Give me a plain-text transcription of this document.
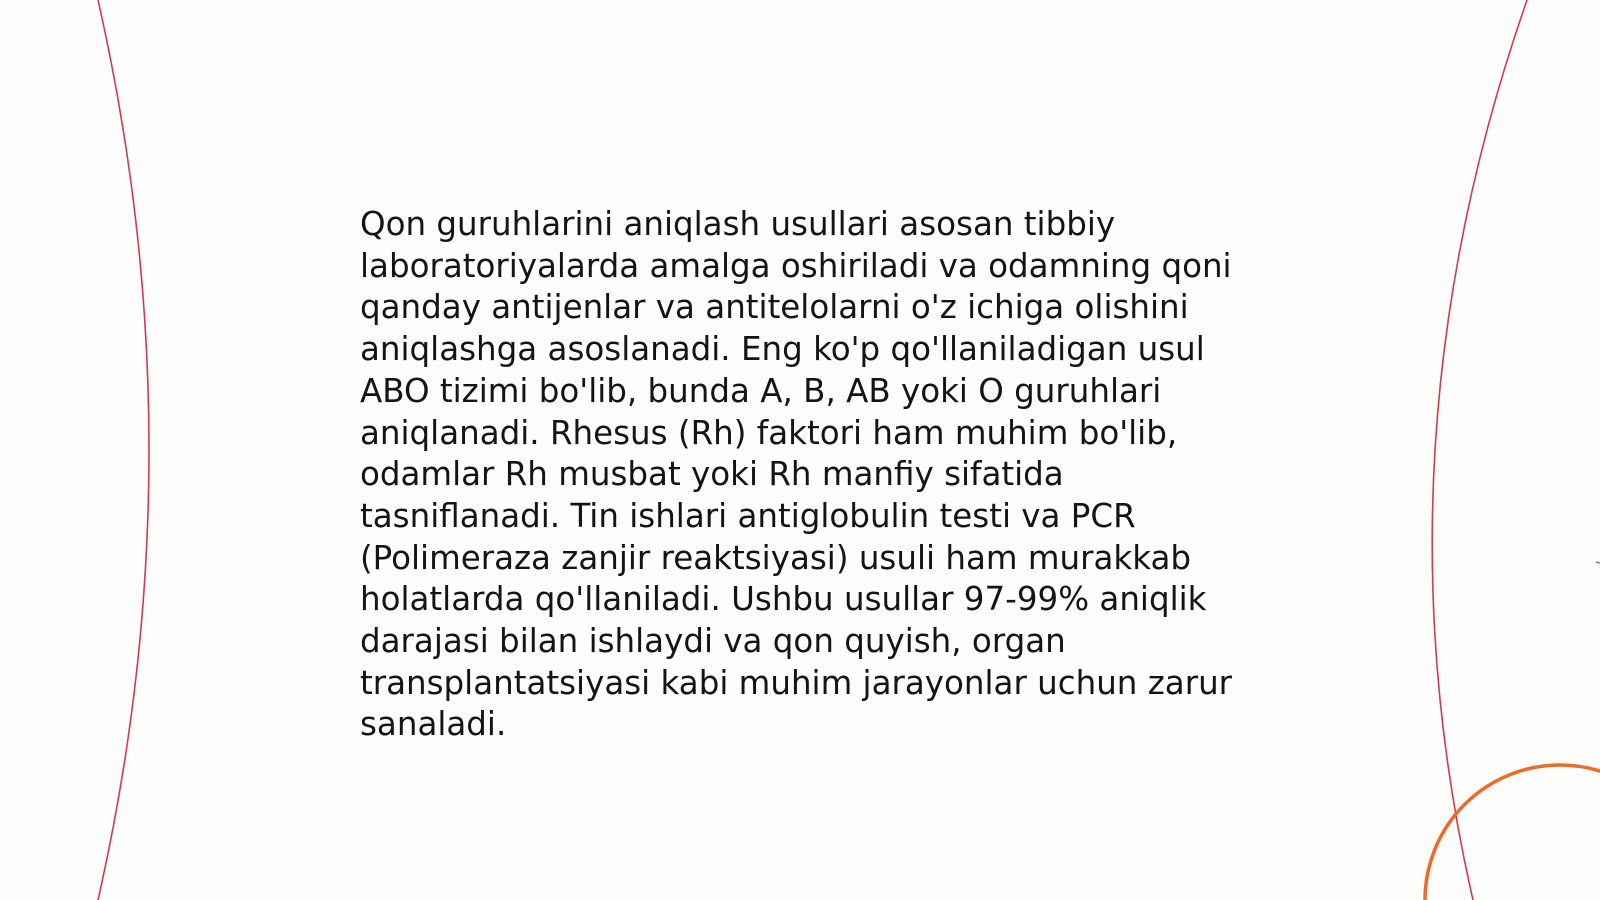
Qon guruhlarini aniqlash usullari asosan tibbiy laboratoriyalarda amalga oshiriladi va odamning qoni qanday antijenlar va antitelolarni o'z ichiga olishini aniqlashga asoslanadi. Eng ko'p qo'llaniladigan usul ABO tizimi bo'lib, bunda A, B, AB yoki O guruhlari aniqlanadi. Rhesus (Rh) faktori ham muhim bo'lib, odamlar Rh musbat yoki Rh manfiy sifatida tasniflanadi. Tin ishlari antiglobulin testi va PCR (Polimeraza zanjir reaktsiyasi) usuli ham murakkab holatlarda qo'llaniladi. Ushbu usullar 97-99% aniqlik darajasi bilan ishlaydi va qon quyish, organ transplantatsiyasi kabi muhim jarayonlar uchun zarur sanaladi.
